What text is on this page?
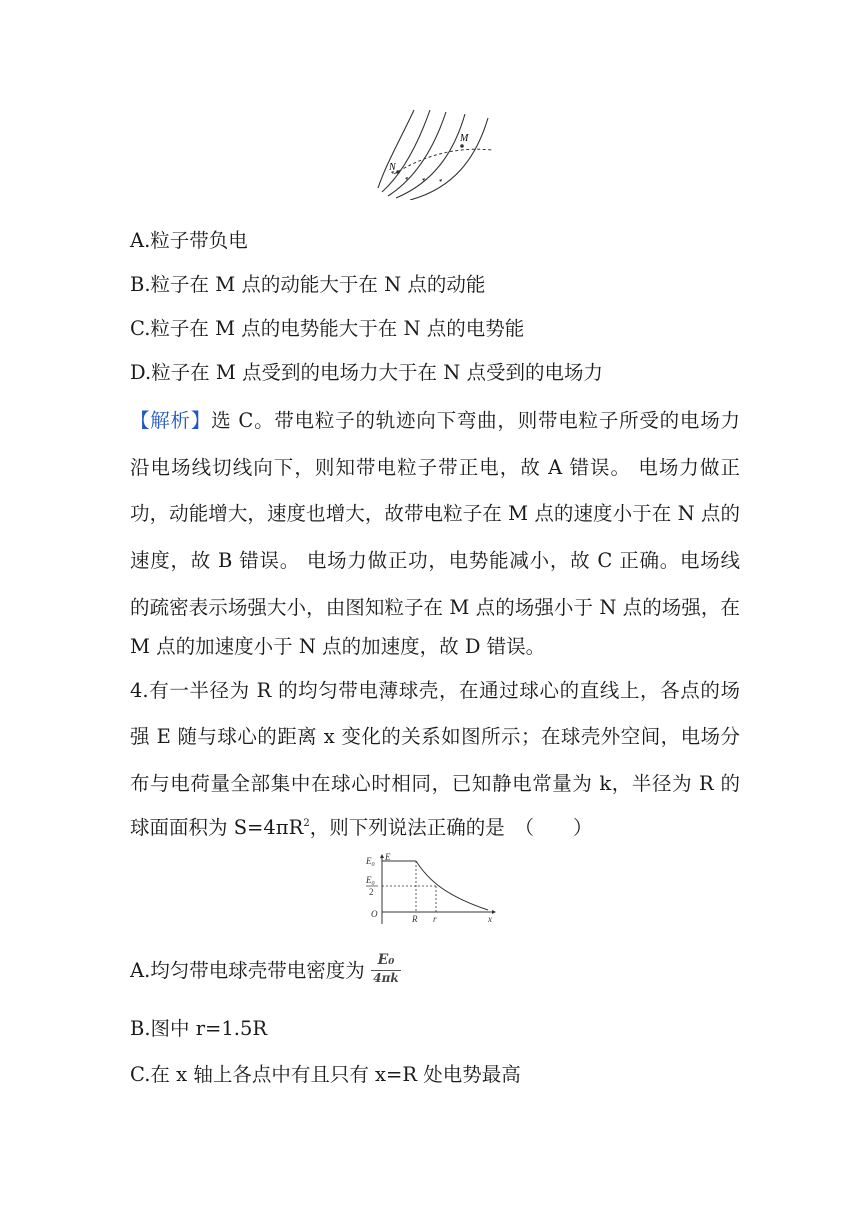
N
M
A.粒子带负电
B.粒子在 M 点的动能大于在 N 点的动能
C.粒子在 M 点的电势能大于在 N 点的电势能
D.粒子在 M 点受到的电场力大于在 N 点受到的电场力
【解析】选 C。带电粒子的轨迹向下弯曲，则带电粒子所受的电场力
沿电场线切线向下，则知带电粒子带正电，故 A 错误。 电场力做正
功，动能增大，速度也增大，故带电粒子在 M 点的速度小于在 N 点的
速度，故 B 错误。 电场力做正功，电势能减小，故 C 正确。电场线
的疏密表示场强大小，由图知粒子在 M 点的场强小于 N 点的场强，在
M 点的加速度小于 N 点的加速度，故 D 错误。
4.有一半径为 R 的均匀带电薄球壳，在通过球心的直线上，各点的场
强 E 随与球心的距离 x 变化的关系如图所示；在球壳外空间，电场分
布与电荷量全部集中在球心时相同，已知静电常量为 k，半径为 R 的
球面面积为 $S=4\pi R^2$，则下列说法正确的是　（　　）
E
$E_0$
$E_0$
2
O	R r	x
A.均匀带电球壳带电密度为 E₀
4πk
B.图中 r=1.5R
C.在 x 轴上各点中有且只有 x=R 处电势最高
